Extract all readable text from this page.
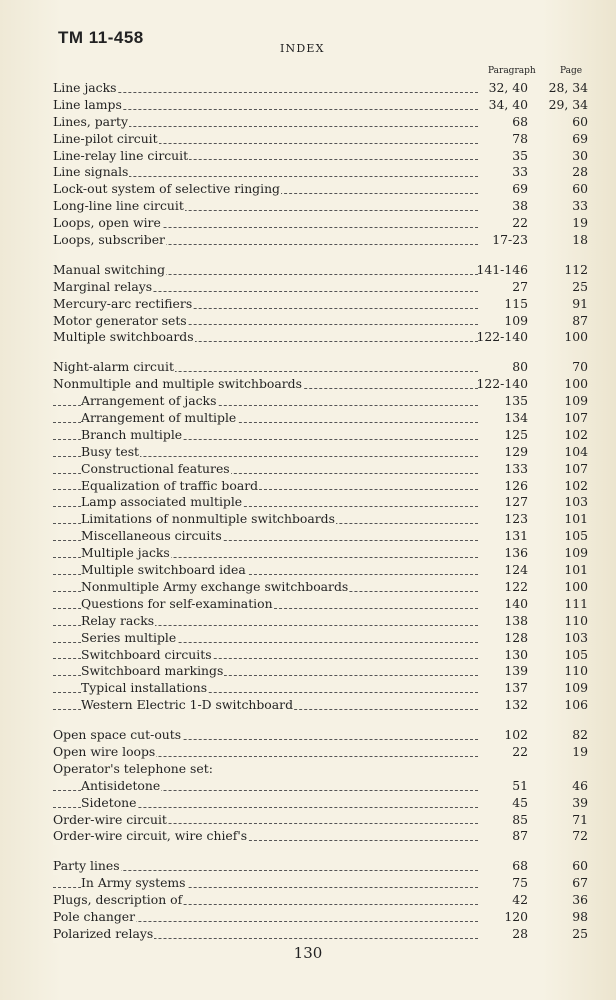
TM 11-458
INDEX
Paragraph	Page
Line jacks	32, 40	28, 34
Line lamps	34, 40	29, 34
Lines, party	68	60
Line-pilot circuit	78	69
Line-relay line circuit	35	30
Line signals	33	28
Lock-out system of selective ringing	69	60
Long-line line circuit	38	33
Loops, open wire	22	19
Loops, subscriber	17-23	18
Manual switching	141-146	112
Marginal relays	27	25
Mercury-arc rectifiers	115	91
Motor generator sets	109	87
Multiple switchboards	122-140	100
Night-alarm circuit	80	70
Nonmultiple and multiple switchboards	122-140	100
Arrangement of jacks	135	109
Arrangement of multiple	134	107
Branch multiple	125	102
Busy test	129	104
Constructional features	133	107
Equalization of traffic board	126	102
Lamp associated multiple	127	103
Limitations of nonmultiple switchboards	123	101
Miscellaneous circuits	131	105
Multiple jacks	136	109
Multiple switchboard idea	124	101
Nonmultiple Army exchange switchboards	122	100
Questions for self-examination	140	111
Relay racks	138	110
Series multiple	128	103
Switchboard circuits	130	105
Switchboard markings	139	110
Typical installations	137	109
Western Electric 1-D switchboard	132	106
Open space cut-outs	102	82
Open wire loops	22	19
Operator's telephone set:
Antisidetone	51	46
Sidetone	45	39
Order-wire circuit	85	71
Order-wire circuit, wire chief's	87	72
Party lines	68	60
In Army systems	75	67
Plugs, description of	42	36
Pole changer	120	98
Polarized relays	28	25
130
